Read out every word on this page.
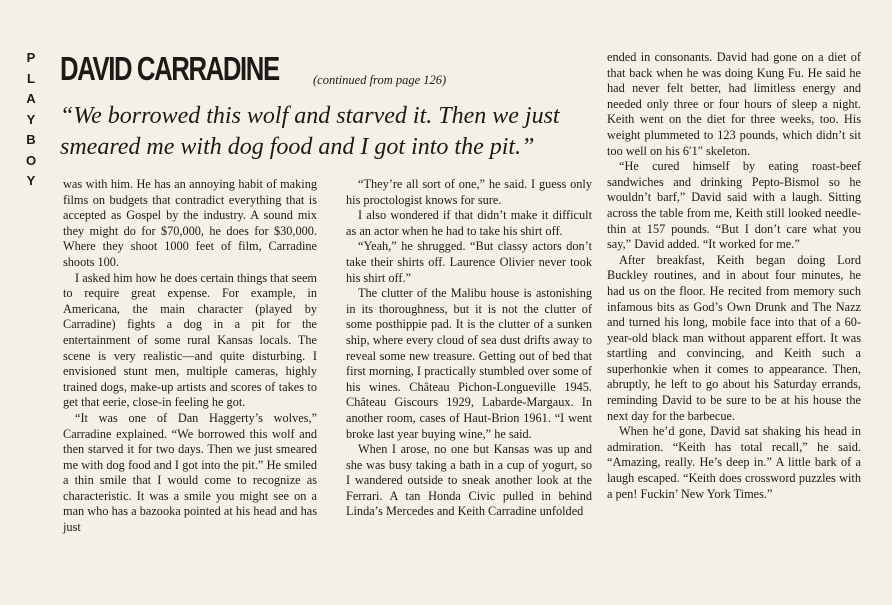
P
L
A
Y
B
O
Y
DAVID CARRADINE	(continued from page 126)

“We borrowed this wolf and starved it. Then we just smeared me with dog food and I got into the pit.”

was with him. He has an annoying habit of making films on budgets that contradict everything that is accepted as Gospel by the industry. A sound mix they might do for $70,000, he does for $30,000. Where they shoot 1000 feet of film, Carradine shoots 100.

I asked him how he does certain things that seem to require great expense. For example, in Americana, the main character (played by Carradine) fights a dog in a pit for the entertainment of some rural Kansas locals. The scene is very realistic—and quite disturbing. I envisioned stunt men, multiple cameras, highly trained dogs, make-up artists and scores of takes to get that eerie, close-in feeling he got.

“It was one of Dan Haggerty’s wolves,” Carradine explained. “We borrowed this wolf and then starved it for two days. Then we just smeared me with dog food and I got into the pit.” He smiled a thin smile that I would come to recognize as characteristic. It was a smile you might see on a man who has a bazooka pointed at his head and has just

“They’re all sort of one,” he said. I guess only his proctologist knows for sure.

I also wondered if that didn’t make it difficult as an actor when he had to take his shirt off.

“Yeah,” he shrugged. “But classy actors don’t take their shirts off. Laurence Olivier never took his shirt off.”

The clutter of the Malibu house is astonishing in its thoroughness, but it is not the clutter of some posthippie pad. It is the clutter of a sunken ship, where every cloud of sea dust drifts away to reveal some new treasure. Getting out of bed that first morning, I practically stumbled over some of his wines. Château Pichon-Longueville 1945. Château Giscours 1929, Labarde-Margaux. In another room, cases of Haut-Brion 1961. “I went broke last year buying wine,” he said.

When I arose, no one but Kansas was up and she was busy taking a bath in a cup of yogurt, so I wandered outside to sneak another look at the Ferrari. A tan Honda Civic pulled in behind Linda’s Mercedes and Keith Carradine unfolded

ended in consonants. David had gone on a diet of that back when he was doing Kung Fu. He said he had never felt better, had limitless energy and needed only three or four hours of sleep a night. Keith went on the diet for three weeks, too. His weight plummeted to 123 pounds, which didn’t sit too well on his 6′1″ skeleton.

“He cured himself by eating roast-beef sandwiches and drinking Pepto-Bismol so he wouldn’t barf,” David said with a laugh. Sitting across the table from me, Keith still looked needle-thin at 157 pounds. “But I don’t care what you say,” David added. “It worked for me.”

After breakfast, Keith began doing Lord Buckley routines, and in about four minutes, he had us on the floor. He recited from memory such infamous bits as God’s Own Drunk and The Nazz and turned his long, mobile face into that of a 60-year-old black man without apparent effort. It was startling and convincing, and Keith such a superhonkie when it comes to appearance. Then, abruptly, he left to go about his Saturday errands, reminding David to be sure to be at his house the next day for the barbecue.

When he’d gone, David sat shaking his head in admiration. “Keith has total recall,” he said. “Amazing, really. He’s deep in.” A little bark of a laugh escaped. “Keith does crossword puzzles with a pen! Fuckin’ New York Times.”
